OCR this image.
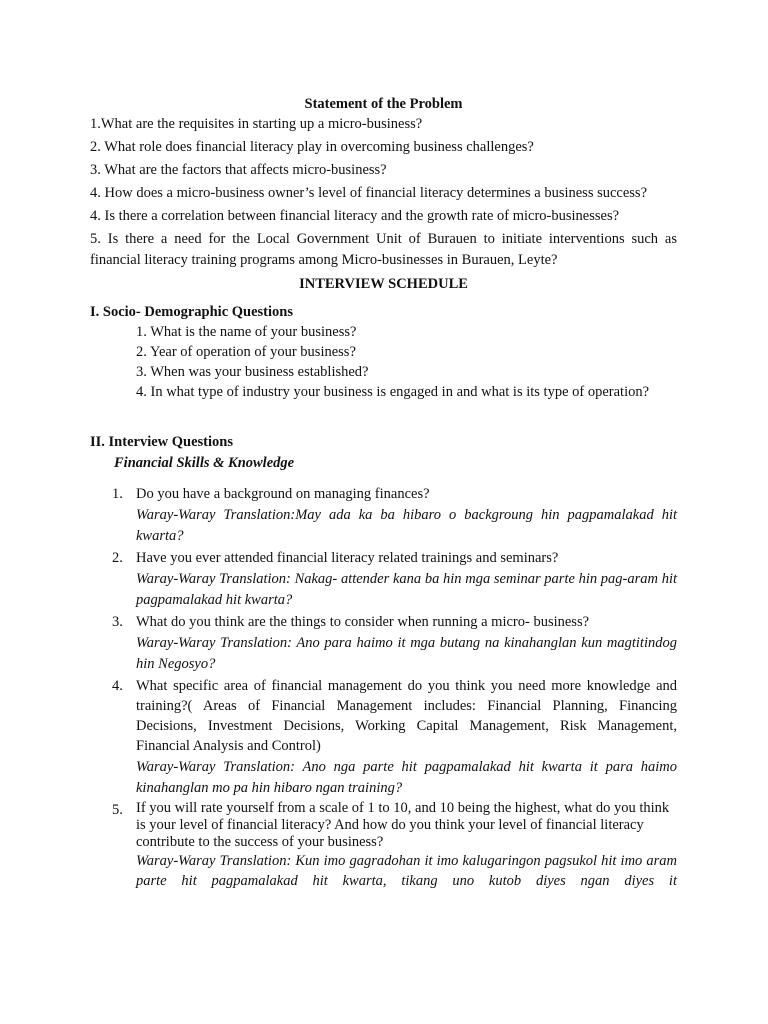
Statement of the Problem

1.What are the requisites in starting up a micro-business?

2. What role does financial literacy play in overcoming business challenges?

3. What are the factors that affects micro-business?

4. How does a micro-business owner’s level of financial literacy determines a business success?

4. Is there a correlation between financial literacy and the growth rate of micro-businesses?

5. Is there a need for the Local Government Unit of Burauen to initiate interventions such as financial literacy training programs among Micro-businesses in Burauen, Leyte?

INTERVIEW SCHEDULE

I. Socio- Demographic Questions

1. What is the name of your business?

2. Year of operation of your business?

3. When was your business established?

4. In what type of industry your business is engaged in and what is its type of operation?

II. Interview Questions

Financial Skills & Knowledge

1. Do you have a background on managing finances?
Waray-Waray Translation:May ada ka ba hibaro o backgroung hin pagpamalakad hit kwarta?
2. Have you ever attended financial literacy related trainings and seminars?
Waray-Waray Translation: Nakag- attender kana ba hin mga seminar parte hin pag-aram hit pagpamalakad hit kwarta?
3. What do you think are the things to consider when running a micro- business?
Waray-Waray Translation: Ano para haimo it mga butang na kinahanglan kun magtitindog hin Negosyo?
4. What specific area of financial management do you think you need more knowledge and training?( Areas of Financial Management includes: Financial Planning, Financing Decisions, Investment Decisions, Working Capital Management, Risk Management, Financial Analysis and Control)
Waray-Waray Translation: Ano nga parte hit pagpamalakad hit kwarta it para haimo kinahanglan mo pa hin hibaro ngan training?
5. If you will rate yourself from a scale of 1 to 10, and 10 being the highest, what do you think is your level of financial literacy? And how do you think your level of financial literacy contribute to the success of your business?
Waray-Waray Translation: Kun imo gagradohan it imo kalugaringon pagsukol hit imo aram parte hit pagpamalakad hit kwarta, tikang uno kutob diyes ngan diyes it
